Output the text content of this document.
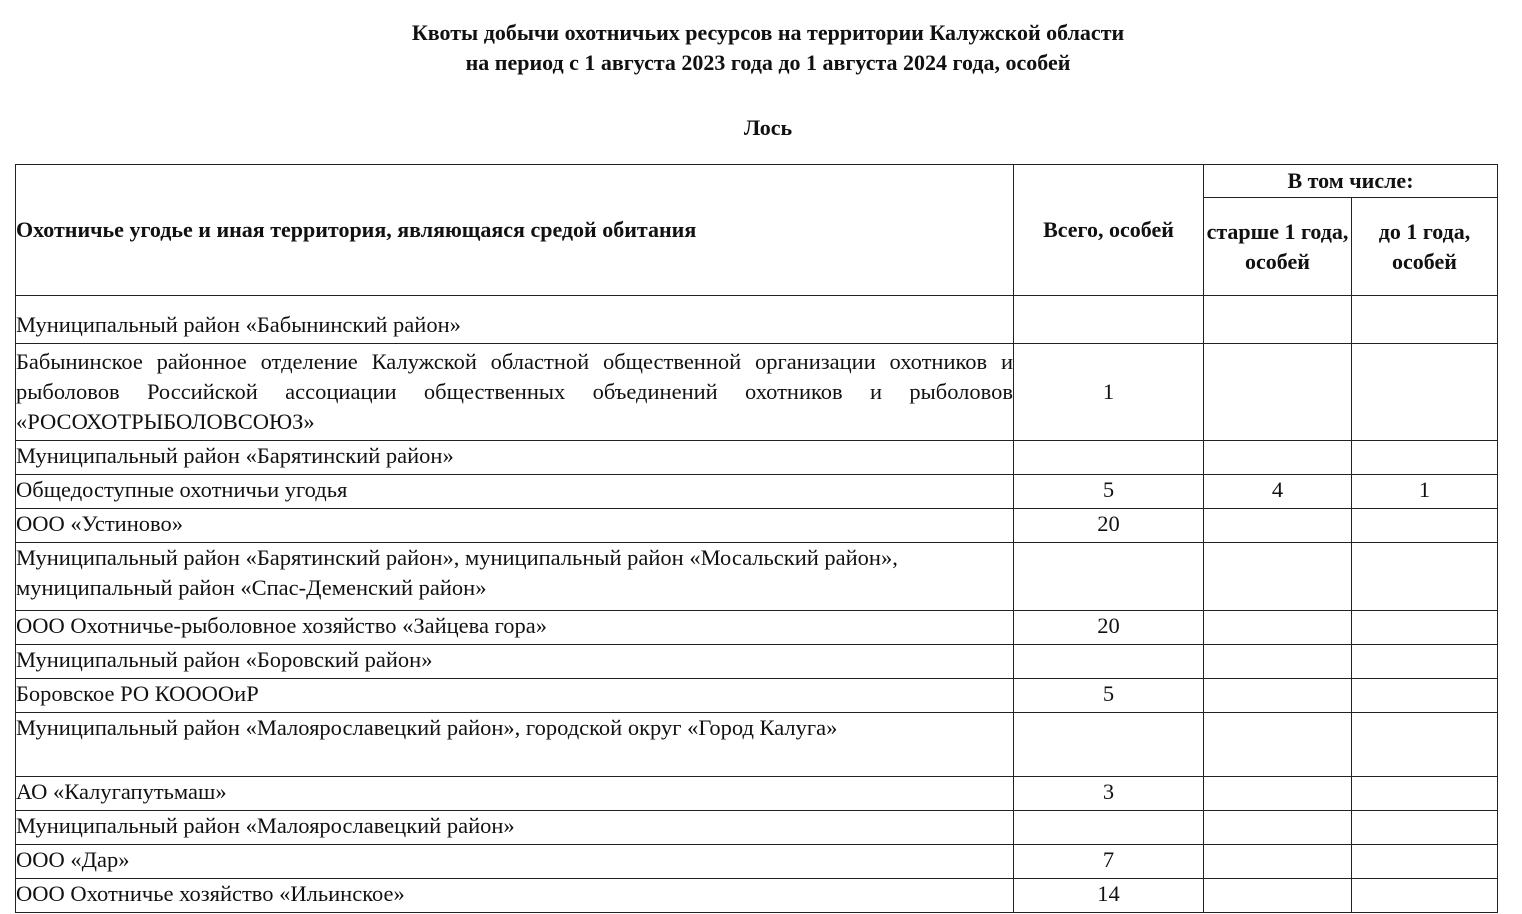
Квоты добычи охотничьих ресурсов на территории Калужской области
на период с 1 августа 2023 года до 1 августа 2024 года, особей
Лось
Охотничье угодье и иная территория, являющаяся средой обитания	Всего, особей	В том числе:	
		старше 1 года, особей	до 1 года, особей
Муниципальный район «Бабынинский район»			
Бабынинское районное отделение Калужской областной общественной организации охотников и рыболовов Российской ассоциации общественных объединений охотников и рыболовов «РОСОХОТРЫБОЛОВСОЮЗ»	1		
Муниципальный район «Барятинский район»			
Общедоступные охотничьи угодья	5	4	1
ООО «Устиново»	20		
Муниципальный район «Барятинский район», муниципальный район «Мосальский район», муниципальный район «Спас-Деменский район»			
ООО Охотничье-рыболовное хозяйство «Зайцева гора»	20		
Муниципальный район «Боровский район»			
Боровское РО КООООиР	5		
Муниципальный район «Малоярославецкий район», городской округ «Город Калуга»			
АО «Калугапутьмаш»	3		
Муниципальный район «Малоярославецкий район»			
ООО «Дар»	7		
ООО Охотничье хозяйство «Ильинское»	14		
